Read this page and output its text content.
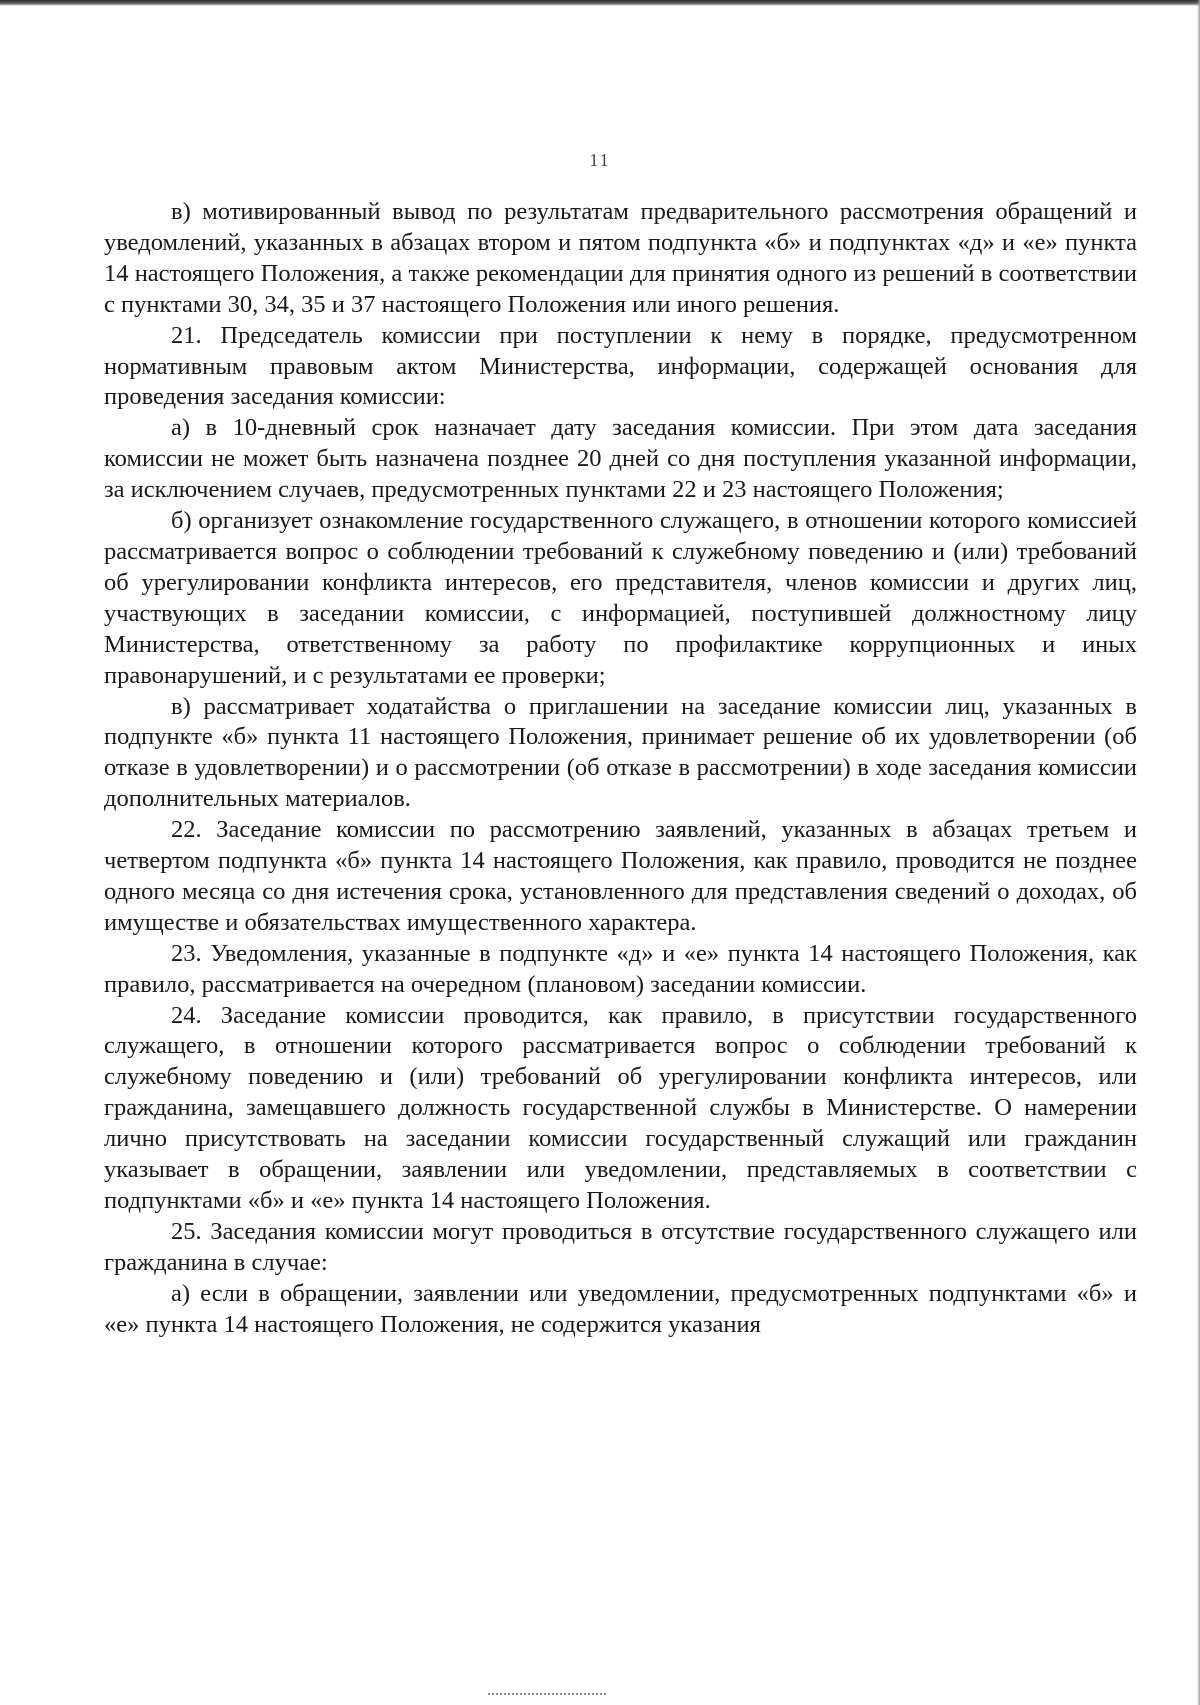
11

в) мотивированный вывод по результатам предварительного рассмотрения обращений и уведомлений, указанных в абзацах втором и пятом подпункта «б» и подпунктах «д» и «е» пункта 14 настоящего Положения, а также рекомендации для принятия одного из решений в соответствии с пунктами 30, 34, 35 и 37 настоящего Положения или иного решения.

21. Председатель комиссии при поступлении к нему в порядке, предусмотренном нормативным правовым актом Министерства, информации, содержащей основания для проведения заседания комиссии:

а) в 10-дневный срок назначает дату заседания комиссии. При этом дата заседания комиссии не может быть назначена позднее 20 дней со дня поступления указанной информации, за исключением случаев, предусмотренных пунктами 22 и 23 настоящего Положения;

б) организует ознакомление государственного служащего, в отношении которого комиссией рассматривается вопрос о соблюдении требований к служебному поведению и (или) требований об урегулировании конфликта интересов, его представителя, членов комиссии и других лиц, участвующих в заседании комиссии, с информацией, поступившей должностному лицу Министерства, ответственному за работу по профилактике коррупционных и иных правонарушений, и с результатами ее проверки;

в) рассматривает ходатайства о приглашении на заседание комиссии лиц, указанных в подпункте «б» пункта 11 настоящего Положения, принимает решение об их удовлетворении (об отказе в удовлетворении) и о рассмотрении (об отказе в рассмотрении) в ходе заседания комиссии дополнительных материалов.

22. Заседание комиссии по рассмотрению заявлений, указанных в абзацах третьем и четвертом подпункта «б» пункта 14 настоящего Положения, как правило, проводится не позднее одного месяца со дня истечения срока, установленного для представления сведений о доходах, об имуществе и обязательствах имущественного характера.

23. Уведомления, указанные в подпункте «д» и «е» пункта 14 настоящего Положения, как правило, рассматривается на очередном (плановом) заседании комиссии.

24. Заседание комиссии проводится, как правило, в присутствии государственного служащего, в отношении которого рассматривается вопрос о соблюдении требований к служебному поведению и (или) требований об урегулировании конфликта интересов, или гражданина, замещавшего должность государственной службы в Министерстве. О намерении лично присутствовать на заседании комиссии государственный служащий или гражданин указывает в обращении, заявлении или уведомлении, представляемых в соответствии с подпунктами «б» и «е» пункта 14 настоящего Положения.

25. Заседания комиссии могут проводиться в отсутствие государственного служащего или гражданина в случае:

а) если в обращении, заявлении или уведомлении, предусмотренных подпунктами «б» и «е» пункта 14 настоящего Положения, не содержится указания
